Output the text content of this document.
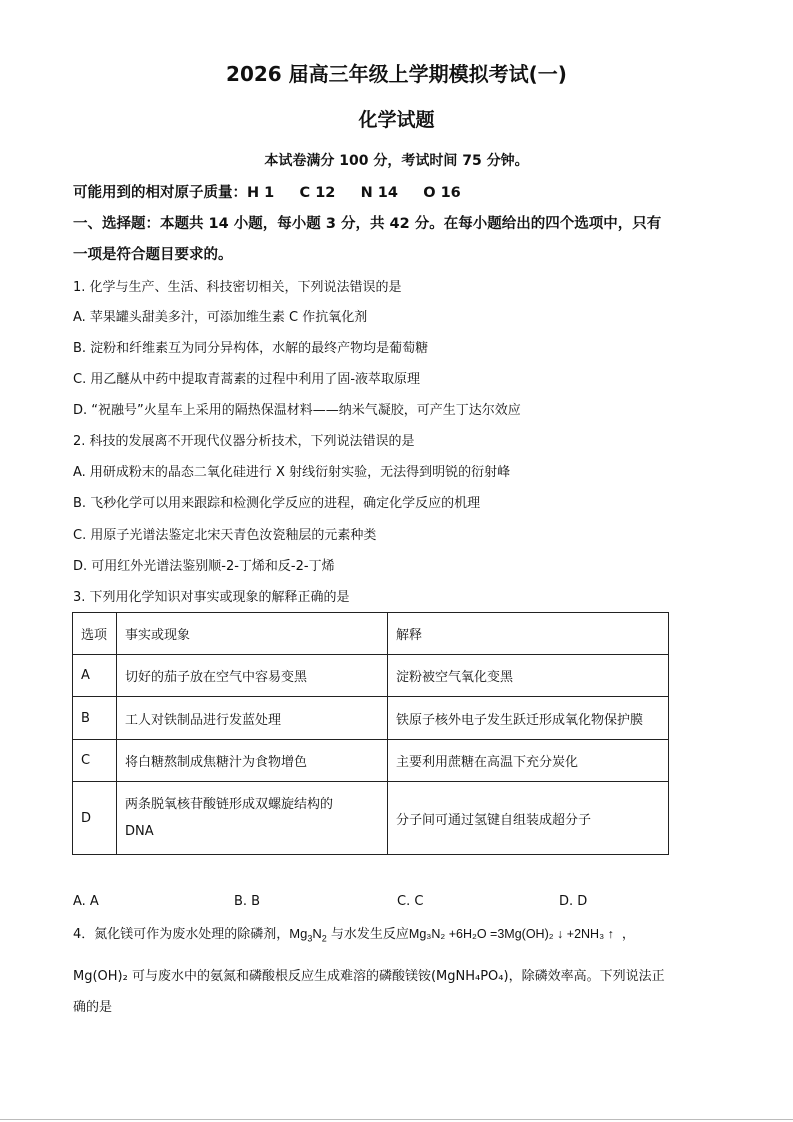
2026 届高三年级上学期模拟考试(一)
化学试题
本试卷满分 100 分，考试时间 75 分钟。
可能用到的相对原子质量：H 1     C 12     N 14     O 16
一、选择题：本题共 14 小题，每小题 3 分，共 42 分。在每小题给出的四个选项中，只有
一项是符合题目要求的。
1. 化学与生产、生活、科技密切相关，下列说法错误的是
A. 苹果罐头甜美多汁，可添加维生素 C 作抗氧化剂
B. 淀粉和纤维素互为同分异构体，水解的最终产物均是葡萄糖
C. 用乙醚从中药中提取青蒿素的过程中利用了固-液萃取原理
D. “祝融号”火星车上采用的隔热保温材料——纳米气凝胶，可产生丁达尔效应
2. 科技的发展离不开现代仪器分析技术，下列说法错误的是
A. 用研成粉末的晶态二氧化硅进行 X 射线衍射实验，无法得到明锐的衍射峰
B. 飞秒化学可以用来跟踪和检测化学反应的进程，确定化学反应的机理
C. 用原子光谱法鉴定北宋天青色汝瓷釉层的元素种类
D. 可用红外光谱法鉴别顺-2-丁烯和反-2-丁烯
3. 下列用化学知识对事实或现象的解释正确的是
选项	事实或现象	解释
A	切好的茄子放在空气中容易变黑	淀粉被空气氧化变黑
B	工人对铁制品进行发蓝处理	铁原子核外电子发生跃迁形成氧化物保护膜
C	将白糖熬制成焦糖汁为食物增色	主要利用蔗糖在高温下充分炭化
D	两条脱氧核苷酸链形成双螺旋结构的
DNA	分子间可通过氢键自组装成超分子
A. A	B. B	C. C	D. D
4．氮化镁可作为废水处理的除磷剂，$Mg_3N_2$ 与水发生反应Mg₃N₂ +6H₂O =3Mg(OH)₂ ↓ +2NH₃ ↑ ，
Mg(OH)₂ 可与废水中的氨氮和磷酸根反应生成难溶的磷酸镁铵(MgNH₄PO₄)，除磷效率高。下列说法正
确的是
